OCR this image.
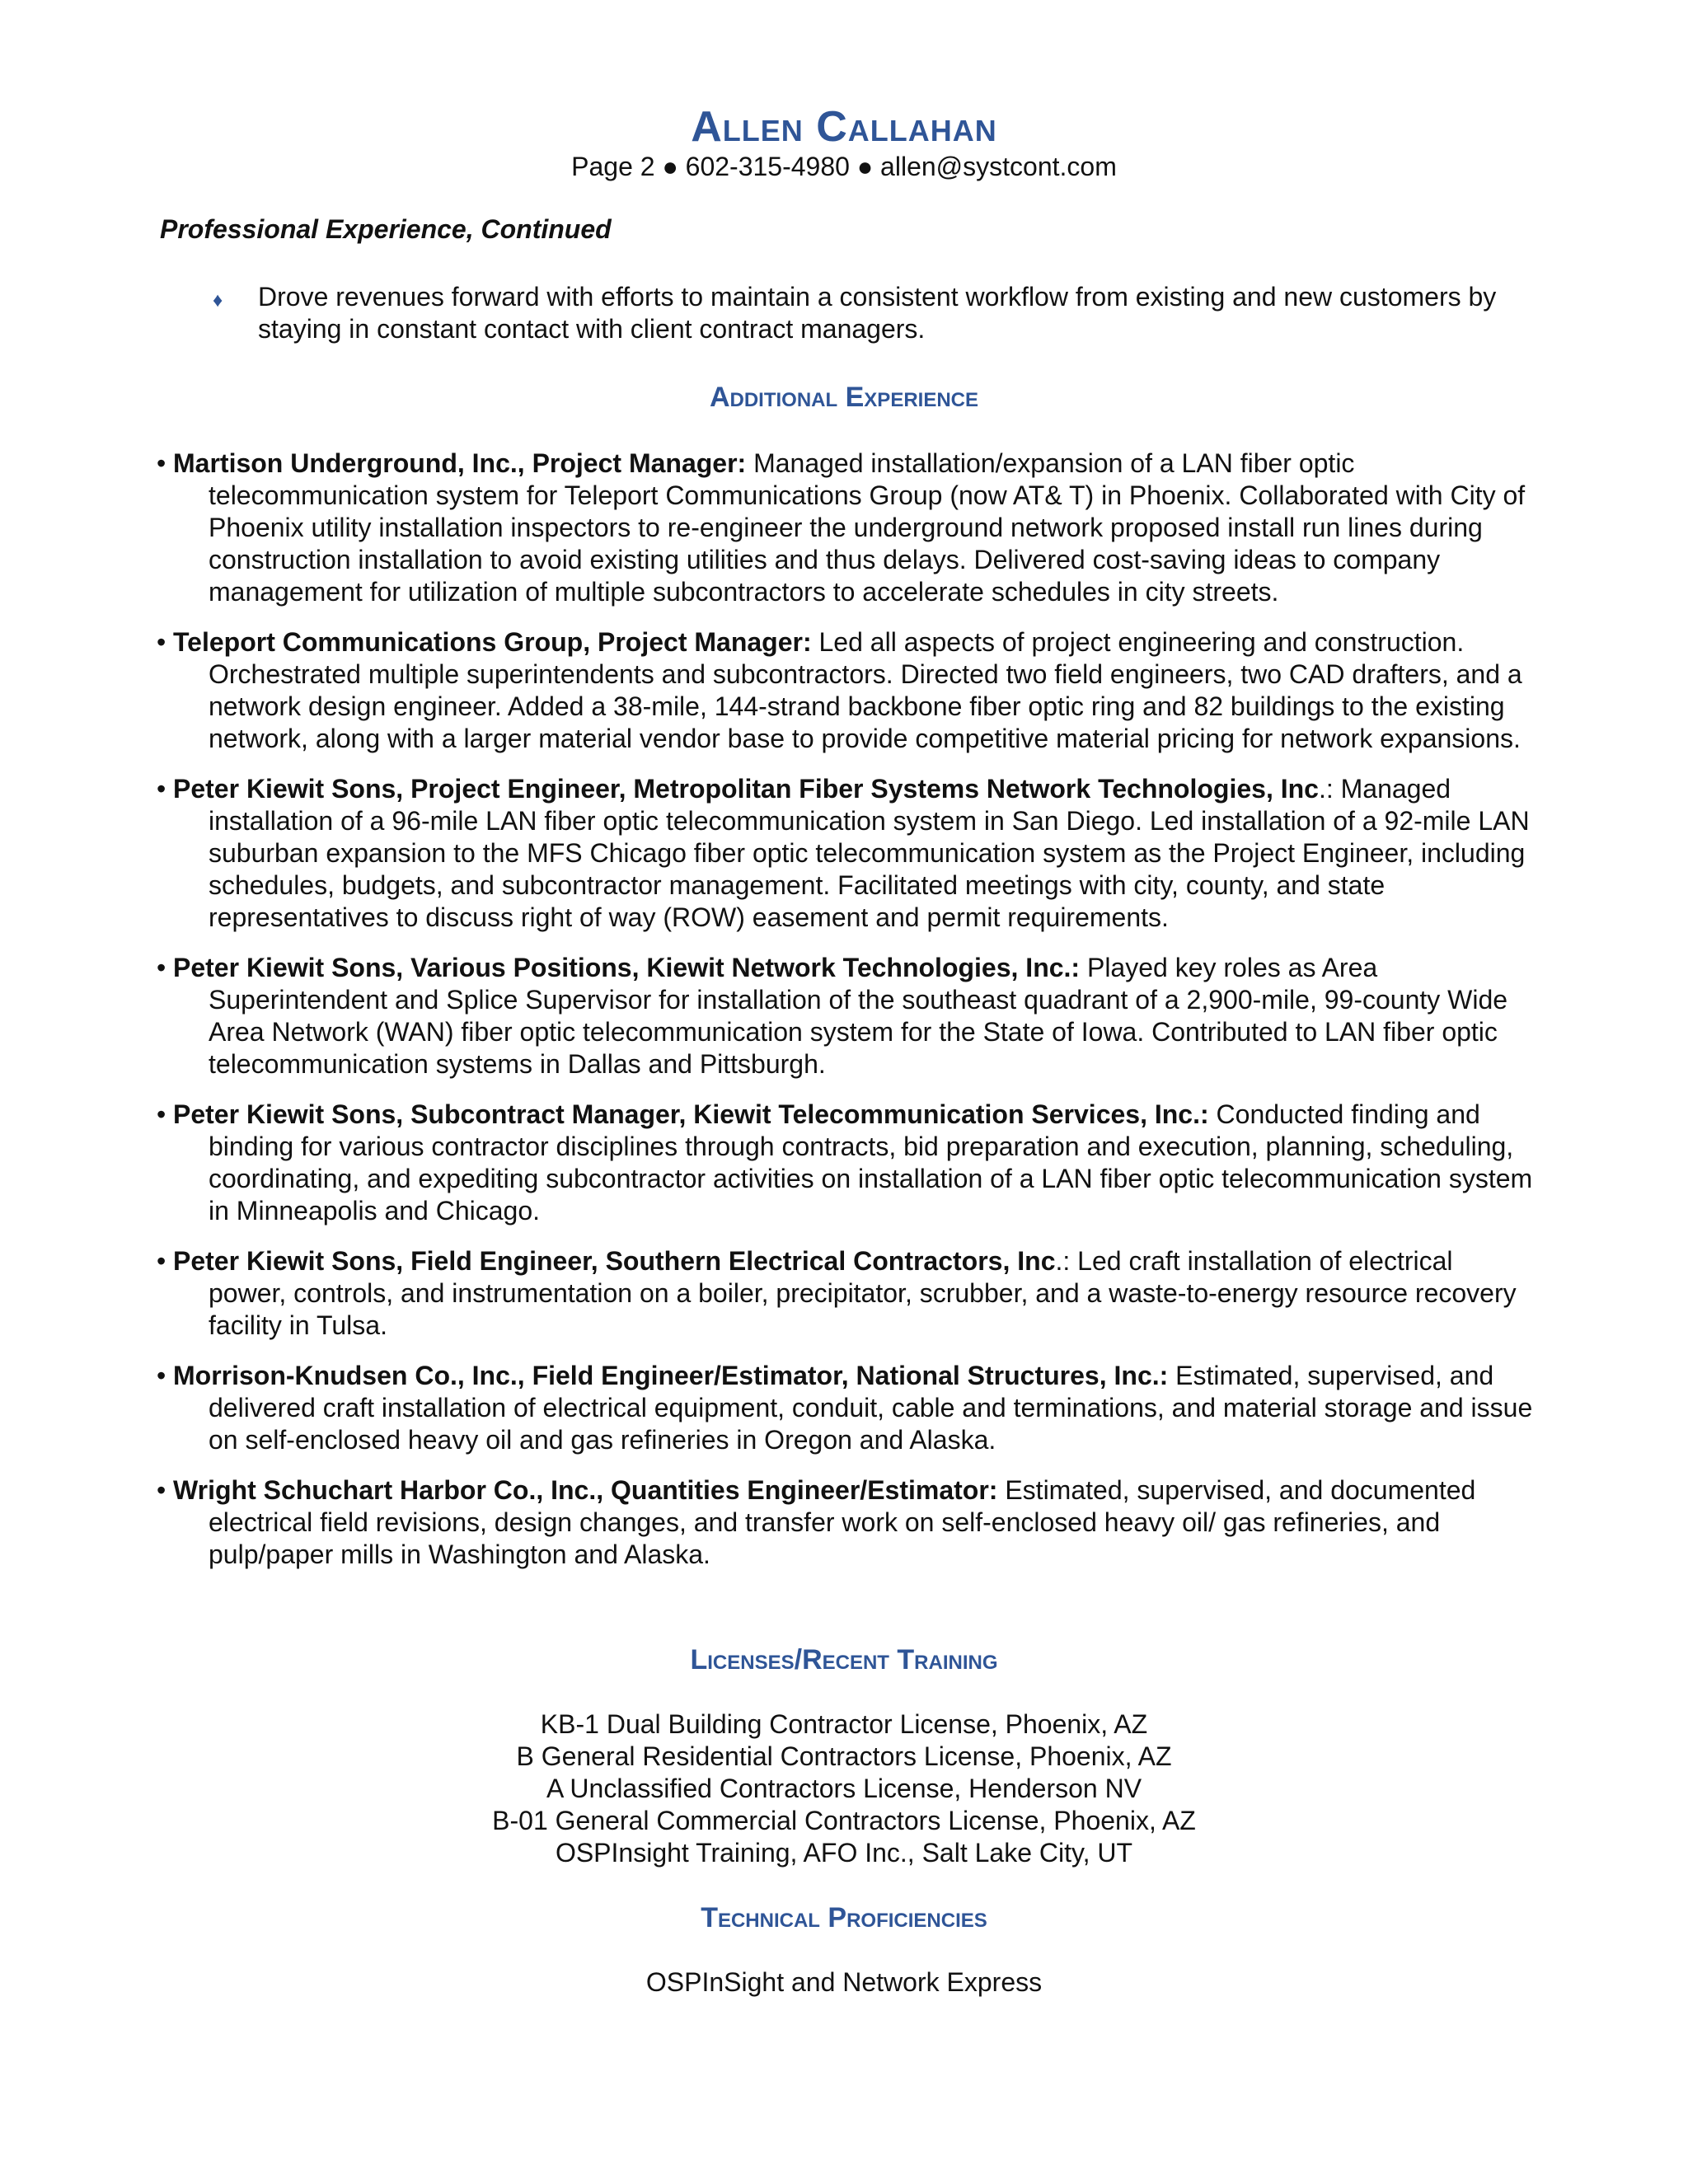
Allen Callahan
Page 2 ● 602-315-4980 ● allen@systcont.com
Professional Experience, Continued
♦ Drove revenues forward with efforts to maintain a consistent workflow from existing and new customers by staying in constant contact with client contract managers.
Additional Experience
• Martison Underground, Inc., Project Manager: Managed installation/expansion of a LAN fiber optic telecommunication system for Teleport Communications Group (now AT& T) in Phoenix. Collaborated with City of Phoenix utility installation inspectors to re-engineer the underground network proposed install run lines during construction installation to avoid existing utilities and thus delays. Delivered cost-saving ideas to company management for utilization of multiple subcontractors to accelerate schedules in city streets.
• Teleport Communications Group, Project Manager: Led all aspects of project engineering and construction. Orchestrated multiple superintendents and subcontractors. Directed two field engineers, two CAD drafters, and a network design engineer. Added a 38-mile, 144-strand backbone fiber optic ring and 82 buildings to the existing network, along with a larger material vendor base to provide competitive material pricing for network expansions.
• Peter Kiewit Sons, Project Engineer, Metropolitan Fiber Systems Network Technologies, Inc.: Managed installation of a 96-mile LAN fiber optic telecommunication system in San Diego. Led installation of a 92-mile LAN suburban expansion to the MFS Chicago fiber optic telecommunication system as the Project Engineer, including schedules, budgets, and subcontractor management. Facilitated meetings with city, county, and state representatives to discuss right of way (ROW) easement and permit requirements.
• Peter Kiewit Sons, Various Positions, Kiewit Network Technologies, Inc.: Played key roles as Area Superintendent and Splice Supervisor for installation of the southeast quadrant of a 2,900-mile, 99-county Wide Area Network (WAN) fiber optic telecommunication system for the State of Iowa. Contributed to LAN fiber optic telecommunication systems in Dallas and Pittsburgh.
• Peter Kiewit Sons, Subcontract Manager, Kiewit Telecommunication Services, Inc.: Conducted finding and binding for various contractor disciplines through contracts, bid preparation and execution, planning, scheduling, coordinating, and expediting subcontractor activities on installation of a LAN fiber optic telecommunication system in Minneapolis and Chicago.
• Peter Kiewit Sons, Field Engineer, Southern Electrical Contractors, Inc.: Led craft installation of electrical power, controls, and instrumentation on a boiler, precipitator, scrubber, and a waste-to-energy resource recovery facility in Tulsa.
• Morrison-Knudsen Co., Inc., Field Engineer/Estimator, National Structures, Inc.: Estimated, supervised, and delivered craft installation of electrical equipment, conduit, cable and terminations, and material storage and issue on self-enclosed heavy oil and gas refineries in Oregon and Alaska.
• Wright Schuchart Harbor Co., Inc., Quantities Engineer/Estimator: Estimated, supervised, and documented electrical field revisions, design changes, and transfer work on self-enclosed heavy oil/ gas refineries, and pulp/paper mills in Washington and Alaska.
Licenses/Recent Training
KB-1 Dual Building Contractor License, Phoenix, AZ
B General Residential Contractors License, Phoenix, AZ
A Unclassified Contractors License, Henderson NV
B-01 General Commercial Contractors License, Phoenix, AZ
OSPInsight Training, AFO Inc., Salt Lake City, UT
Technical Proficiencies
OSPInSight and Network Express
